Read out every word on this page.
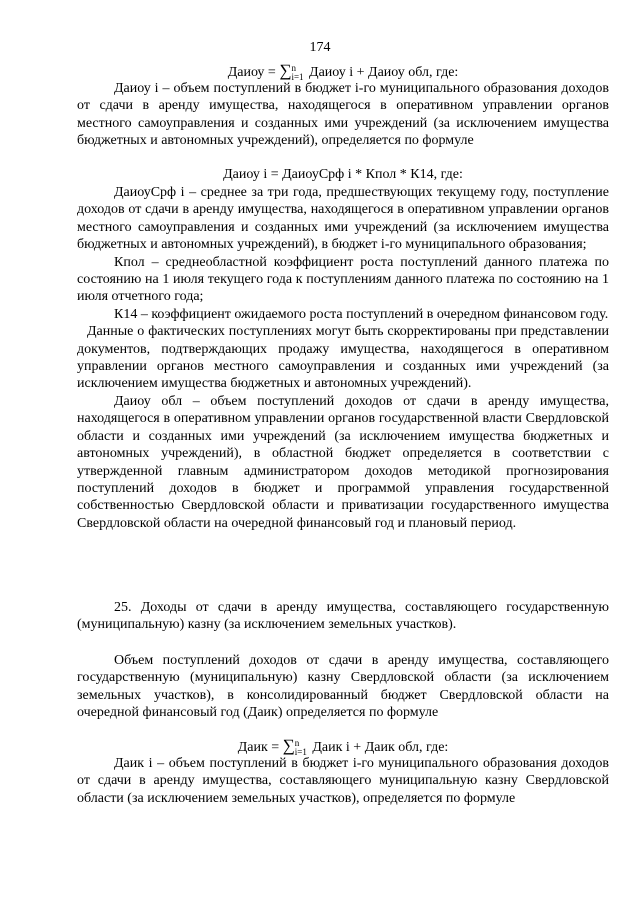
174
Даиоу = ∑ n
i=1 Даиоу i + Даиоу обл, где:

Даиоу i – объем поступлений в бюджет i-го муниципального образования доходов от сдачи в аренду имущества, находящегося в оперативном управлении органов местного самоуправления и созданных ими учреждений (за исключением имущества бюджетных и автономных учреждений), определяется по формуле

Даиоу i = ДаиоуСрф i * Кпол * К14, где:

ДаиоуСрф i – среднее за три года, предшествующих текущему году, поступление доходов от сдачи в аренду имущества, находящегося в оперативном управлении органов местного самоуправления и созданных ими учреждений (за исключением имущества бюджетных и автономных учреждений), в бюджет i-го муниципального образования;

Кпол – среднеобластной коэффициент роста поступлений данного платежа по состоянию на 1 июля текущего года к поступлениям данного платежа по состоянию на 1 июля отчетного года;

К14 – коэффициент ожидаемого роста поступлений в очередном финансовом году.

Данные о фактических поступлениях могут быть скорректированы при представлении документов, подтверждающих продажу имущества, находящегося в оперативном управлении органов местного самоуправления и созданных ими учреждений (за исключением имущества бюджетных и автономных учреждений).

Даиоу обл – объем поступлений доходов от сдачи в аренду имущества, находящегося в оперативном управлении органов государственной власти Свердловской области и созданных ими учреждений (за исключением имущества бюджетных и автономных учреждений), в областной бюджет определяется в соответствии с утвержденной главным администратором доходов методикой прогнозирования поступлений доходов в бюджет и программой управления государственной собственностью Свердловской области и приватизации государственного имущества Свердловской области на очередной финансовый год и плановый период.

25. Доходы от сдачи в аренду имущества, составляющего государственную (муниципальную) казну (за исключением земельных участков).

Объем поступлений доходов от сдачи в аренду имущества, составляющего государственную (муниципальную) казну Свердловской области (за исключением земельных участков), в консолидированный бюджет Свердловской области на очередной финансовый год (Даик) определяется по формуле

Даик = ∑ n
i=1 Даик i + Даик обл, где:

Даик i – объем поступлений в бюджет i-го муниципального образования доходов от сдачи в аренду имущества, составляющего муниципальную казну Свердловской области (за исключением земельных участков), определяется по формуле
